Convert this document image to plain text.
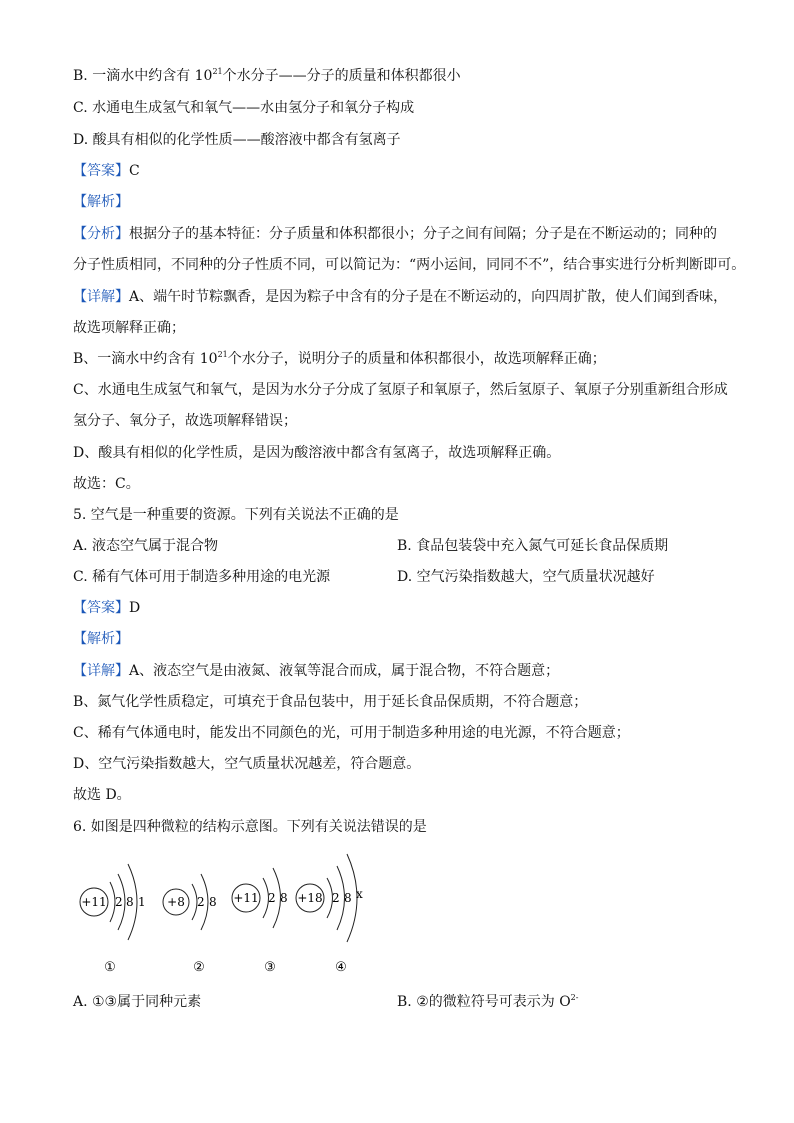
B. 一滴水中约含有 $10^{21}$个水分子——分子的质量和体积都很小
C. 水通电生成氢气和氧气——水由氢分子和氧分子构成
D. 酸具有相似的化学性质——酸溶液中都含有氢离子
【答案】C
【解析】
【分析】根据分子的基本特征：分子质量和体积都很小；分子之间有间隔；分子是在不断运动的；同种的
分子性质相同，不同种的分子性质不同，可以简记为：“两小运间，同同不不”，结合事实进行分析判断即可。
【详解】A、端午时节粽飘香，是因为粽子中含有的分子是在不断运动的，向四周扩散，使人们闻到香味，
故选项解释正确；
B、一滴水中约含有 $10^{21}$个水分子，说明分子的质量和体积都很小，故选项解释正确；
C、水通电生成氢气和氧气，是因为水分子分成了氢原子和氧原子，然后氢原子、氧原子分别重新组合形成
氢分子、氧分子，故选项解释错误；
D、酸具有相似的化学性质，是因为酸溶液中都含有氢离子，故选项解释正确。
故选：C。
5. 空气是一种重要的资源。下列有关说法不正确的是
A. 液态空气属于混合物	B. 食品包装袋中充入氮气可延长食品保质期
C. 稀有气体可用于制造多种用途的电光源	D. 空气污染指数越大，空气质量状况越好
【答案】D
【解析】
【详解】A、液态空气是由液氮、液氧等混合而成，属于混合物，不符合题意；
B、氮气化学性质稳定，可填充于食品包装中，用于延长食品保质期，不符合题意；
C、稀有气体通电时，能发出不同颜色的光，可用于制造多种用途的电光源，不符合题意；
D、空气污染指数越大，空气质量状况越差，符合题意。
故选 D。
6. 如图是四种微粒的结构示意图。下列有关说法错误的是
+11 2 8 1
①
+8 2 8
②
+11 2 8
③
+18 2 8 x
④
A. ①③属于同种元素	B. ②的微粒符号可表示为 $O^{2-}$
